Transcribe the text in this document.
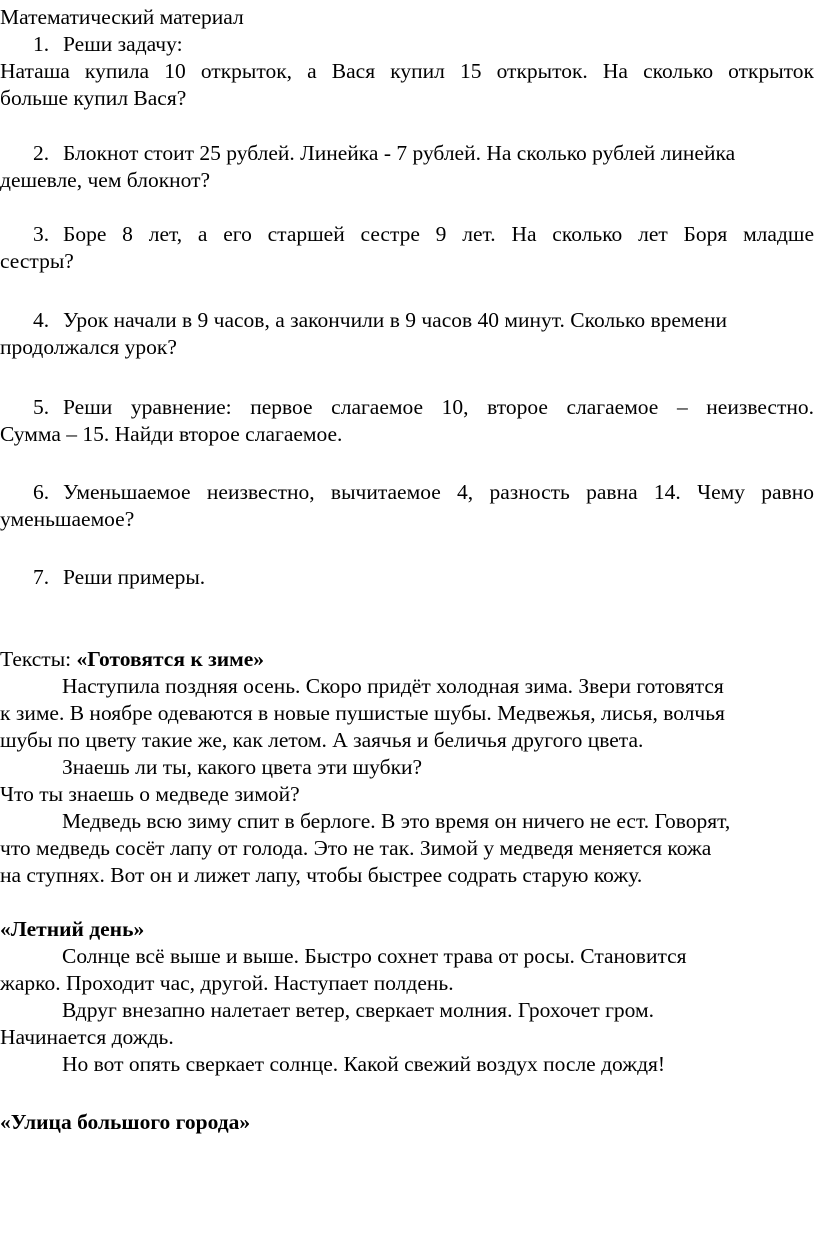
Математический материал
1. Реши задачу:
Наташа купила 10 открыток, а Вася купил 15 открыток. На сколько открыток
больше купил Вася?
2. Блокнот стоит 25 рублей. Линейка - 7 рублей. На сколько рублей линейка
дешевле, чем блокнот?
3. Боре 8 лет, а его старшей сестре 9 лет. На сколько лет Боря младше
сестры?
4. Урок начали в 9 часов, а закончили в 9 часов 40 минут. Сколько времени
продолжался урок?
5. Реши уравнение: первое слагаемое 10, второе слагаемое – неизвестно.
Сумма – 15. Найди второе слагаемое.
6. Уменьшаемое неизвестно, вычитаемое 4, разность равна 14. Чему равно
уменьшаемое?
7. Реши примеры.
Тексты: «Готовятся к зиме»
Наступила поздняя осень. Скоро придёт холодная зима. Звери готовятся
к зиме. В ноябре одеваются в новые пушистые шубы. Медвежья, лисья, волчья
шубы по цвету такие же, как летом. А заячья и беличья другого цвета.
Знаешь ли ты, какого цвета эти шубки?
Что ты знаешь о медведе зимой?
Медведь всю зиму спит в берлоге. В это время он ничего не ест. Говорят,
что медведь сосёт лапу от голода. Это не так. Зимой у медведя меняется кожа
на ступнях. Вот он и лижет лапу, чтобы быстрее содрать старую кожу.
«Летний день»
Солнце всё выше и выше. Быстро сохнет трава от росы. Становится
жарко. Проходит час, другой. Наступает полдень.
Вдруг внезапно налетает ветер, сверкает молния. Грохочет гром.
Начинается дождь.
Но вот опять сверкает солнце. Какой свежий воздух после дождя!
«Улица большого города»
